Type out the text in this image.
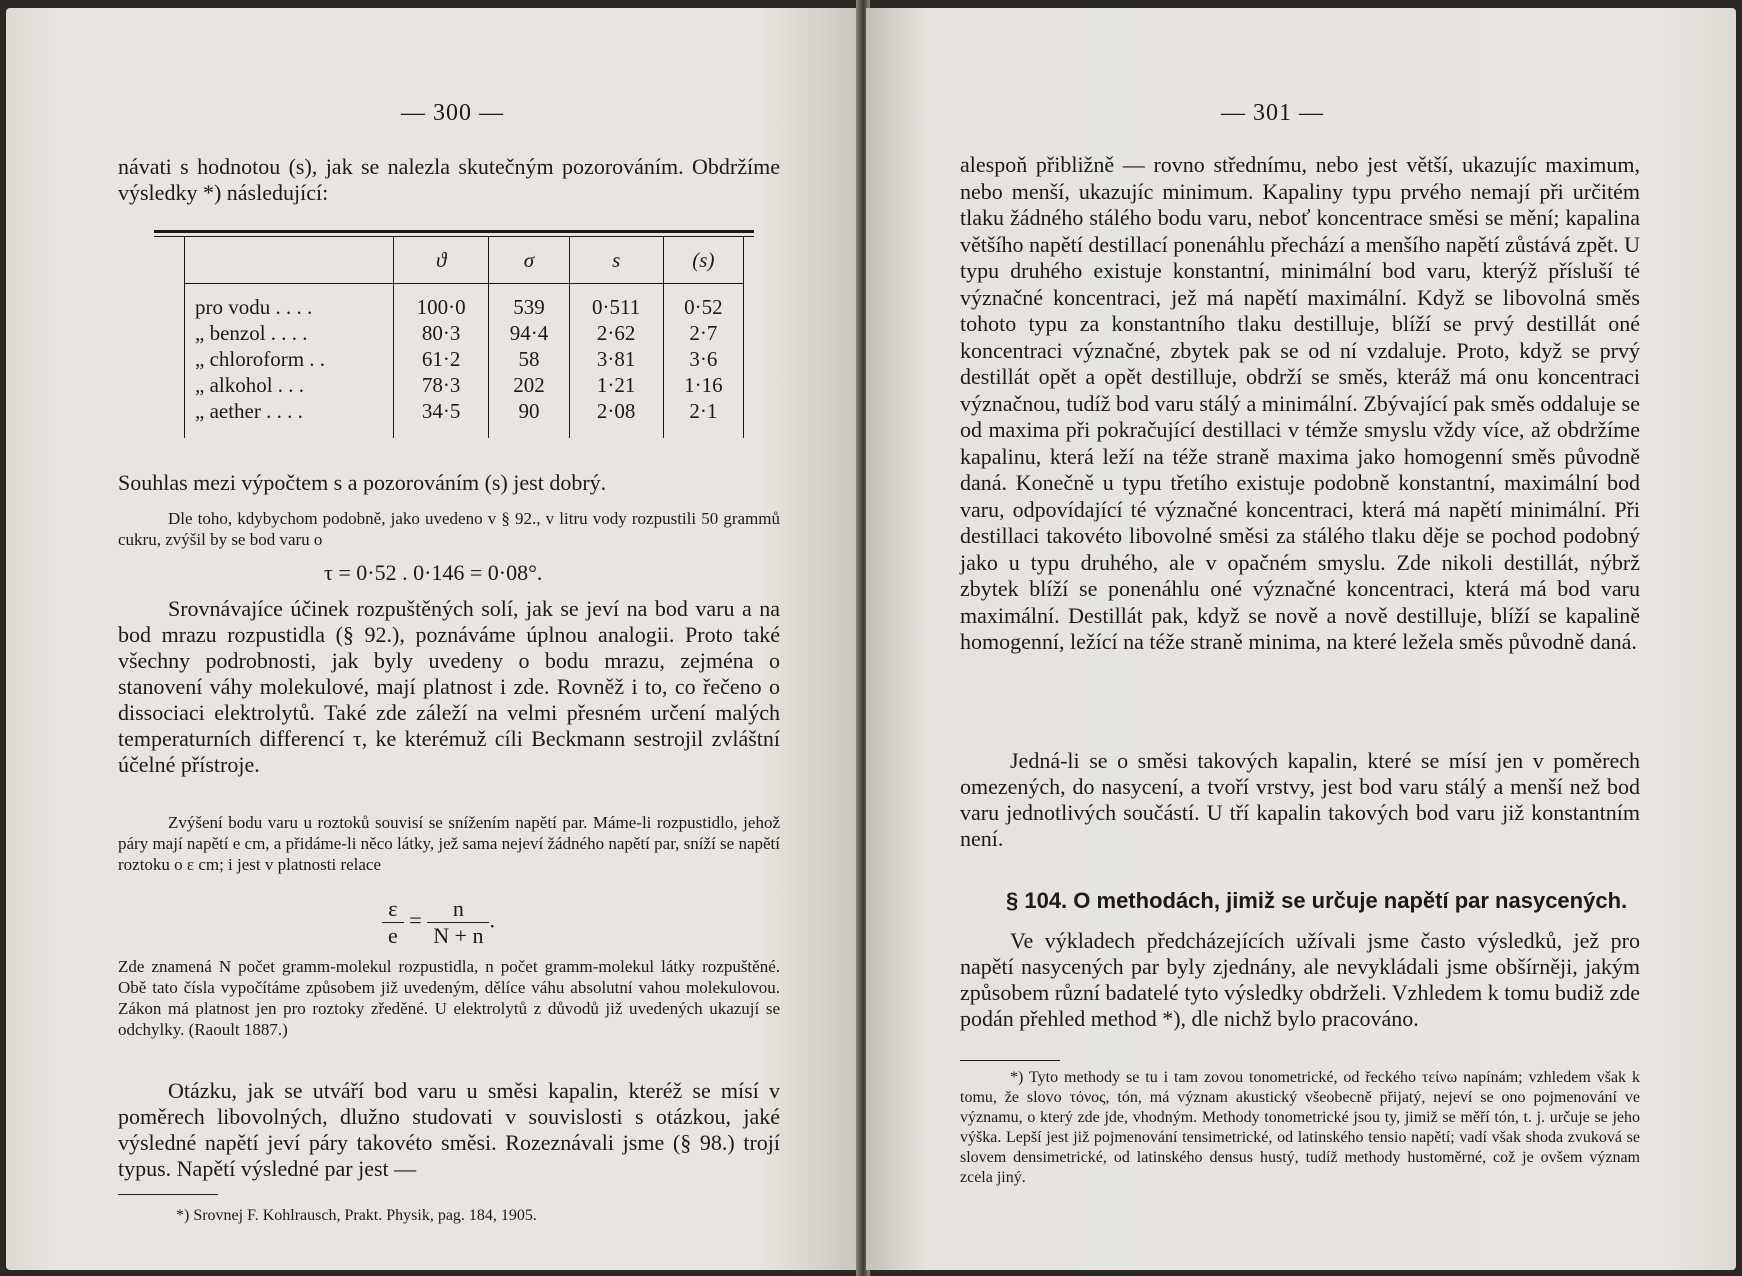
— 300 —
návati s hodnotou (s), jak se nalezla skutečným pozorováním. Obdržíme výsledky *) následující:
	ϑ	σ	s	(s)
pro vodu . . . .	100·0	539	0·511	0·52
„ benzol . . . .	80·3	94·4	2·62	2·7
„ chloroform . .	61·2	58	3·81	3·6
„ alkohol . . .	78·3	202	1·21	1·16
„ aether . . . .	34·5	90	2·08	2·1
Souhlas mezi výpočtem s a pozorováním (s) jest dobrý.

Dle toho, kdybychom podobně, jako uvedeno v § 92., v litru vody rozpustili 50 grammů cukru, zvýšil by se bod varu o

τ = 0·52 . 0·146 = 0·08°.

Srovnávajíce účinek rozpuštěných solí, jak se jeví na bod varu a na bod mrazu rozpustidla (§ 92.), poznáváme úplnou analogii. Proto také všechny podrobnosti, jak byly uvedeny o bodu mrazu, zejména o stanovení váhy molekulové, mají platnost i zde. Rovněž i to, co řečeno o dissociaci elektrolytů. Také zde záleží na velmi přesném určení malých temperaturních differencí τ, ke kterémuž cíli Beckmann sestrojil zvláštní účelné přístroje.

Zvýšení bodu varu u roztoků souvisí se snížením napětí par. Máme-li rozpustidlo, jehož páry mají napětí e cm, a přidáme-li něco látky, jež sama nejeví žádného napětí par, sníží se napětí roztoku o ε cm; i jest v platnosti relace

$\frac{\varepsilon}{e} = \frac{n}{N + n}$ .

Zde znamená N počet gramm-molekul rozpustidla, n počet gramm-molekul látky rozpuštěné. Obě tato čísla vypočítáme způsobem již uvedeným, dělíce váhu absolutní vahou molekulovou. Zákon má platnost jen pro roztoky zředěné. U elektrolytů z důvodů již uvedených ukazují se odchylky. (Raoult 1887.)

Otázku, jak se utváří bod varu u směsi kapalin, kteréž se mísí v poměrech libovolných, dlužno studovati v souvislosti s otázkou, jaké výsledné napětí jeví páry takovéto směsi. Rozeznávali jsme (§ 98.) trojí typus. Napětí výsledné par jest —

*) Srovnej F. Kohlrausch, Prakt. Physik, pag. 184, 1905.
— 301 —

alespoň přibližně — rovno střednímu, nebo jest větší, ukazujíc maximum, nebo menší, ukazujíc minimum. Kapaliny typu prvého nemají při určitém tlaku žádného stálého bodu varu, neboť koncentrace směsi se mění; kapalina většího napětí destillací ponenáhlu přechází a menšího napětí zůstává zpět. U typu druhého existuje konstantní, minimální bod varu, kterýž přísluší té význačné koncentraci, jež má napětí maximální. Když se libovolná směs tohoto typu za konstantního tlaku destilluje, blíží se prvý destillát oné koncentraci význačné, zbytek pak se od ní vzdaluje. Proto, když se prvý destillát opět a opět destilluje, obdrží se směs, kteráž má onu koncentraci význačnou, tudíž bod varu stálý a minimální. Zbývající pak směs oddaluje se od maxima při pokračující destillaci v témže smyslu vždy více, až obdržíme kapalinu, která leží na téže straně maxima jako homogenní směs původně daná. Konečně u typu třetího existuje podobně konstantní, maximální bod varu, odpovídající té význačné koncentraci, která má napětí minimální. Při destillaci takovéto libovolné směsi za stálého tlaku děje se pochod podobný jako u typu druhého, ale v opačném smyslu. Zde nikoli destillát, nýbrž zbytek blíží se ponenáhlu oné význačné koncentraci, která má bod varu maximální. Destillát pak, když se nově a nově destilluje, blíží se kapalině homogenní, ležící na téže straně minima, na které ležela směs původně daná.

Jedná-li se o směsi takových kapalin, které se mísí jen v poměrech omezených, do nasycení, a tvoří vrstvy, jest bod varu stálý a menší než bod varu jednotlivých součástí. U tří kapalin takových bod varu již konstantním není.

§ 104. O methodách, jimiž se určuje napětí par nasycených.

Ve výkladech předcházejících užívali jsme často výsledků, jež pro napětí nasycených par byly zjednány, ale nevykládali jsme obšírněji, jakým způsobem různí badatelé tyto výsledky obdrželi. Vzhledem k tomu budiž zde podán přehled method *), dle nichž bylo pracováno.

*) Tyto methody se tu i tam zovou tonometrické, od řeckého τείνω napínám; vzhledem však k tomu, že slovo τόνος, tón, má význam akustický všeobecně přijatý, nejeví se ono pojmenování ve významu, o který zde jde, vhodným. Methody tonometrické jsou ty, jimiž se měří tón, t. j. určuje se jeho výška. Lepší jest již pojmenování tensimetrické, od latinského tensio napětí; vadí však shoda zvuková se slovem densimetrické, od latinského densus hustý, tudíž methody hustoměrné, což je ovšem význam zcela jiný.
